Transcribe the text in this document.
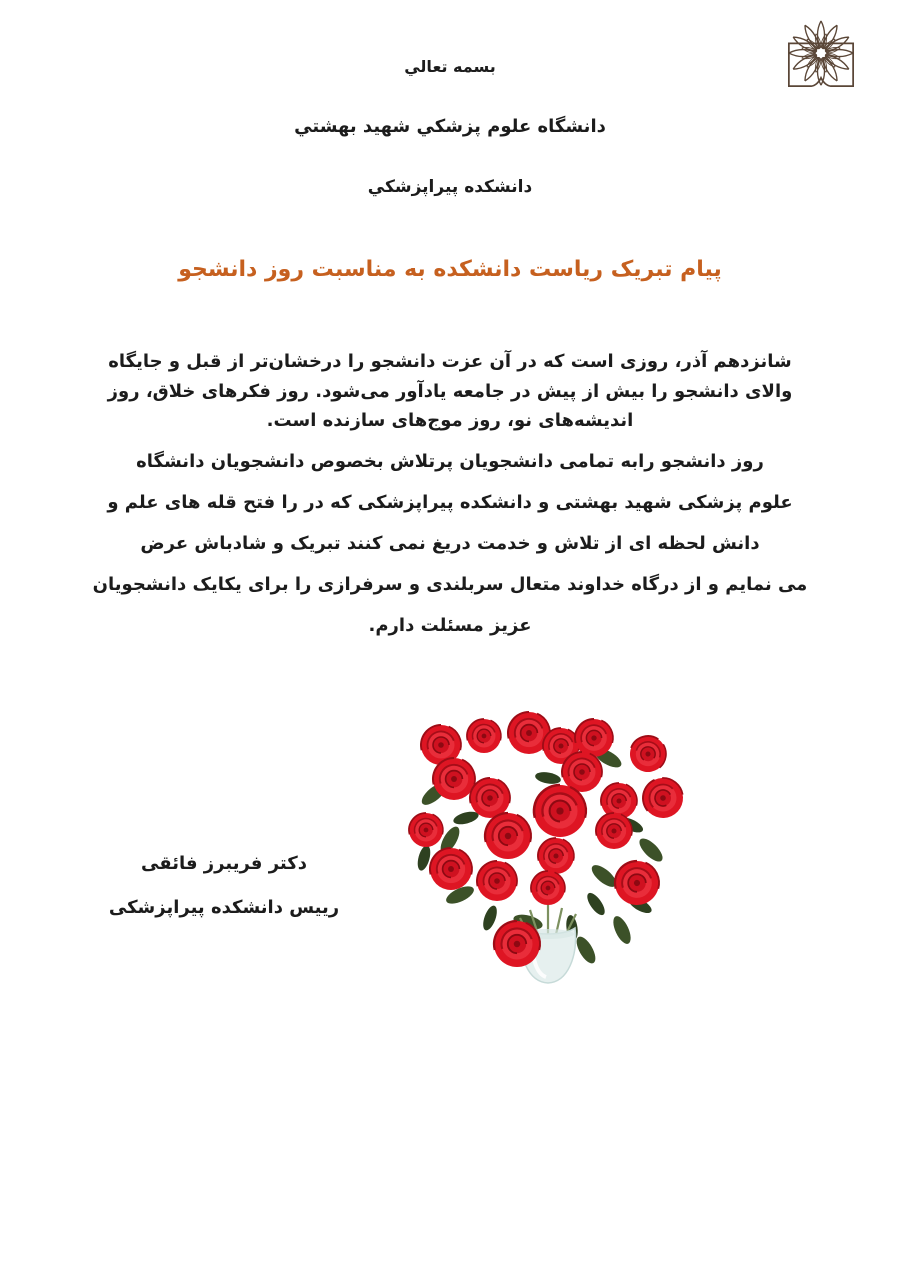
بسمه تعالي
دانشگاه علوم پزشكي شهيد بهشتي
دانشكده پيراپزشكي
پیام تبریک ریاست دانشکده به مناسبت روز دانشجو
شانزدهم آذر، روزی است که در آن عزت دانشجو را درخشان‌تر از قبل و جایگاه
والای دانشجو را بیش از پیش در جامعه یادآور می‌شود. روز فکرهای خلاق، روز
اندیشه‌های نو، روز موج‌های سازنده است.
روز دانشجو رابه تمامی دانشجویان پرتلاش بخصوص دانشجویان دانشگاه
علوم پزشکی شهید بهشتی و دانشکده پیراپزشکی که در را فتح قله های علم و
دانش لحظه ای از تلاش و خدمت دریغ نمی کنند تبریک و شادباش عرض
می نمایم و از درگاه خداوند متعال سربلندی و سرفرازی را برای یکایک دانشجویان
عزیز مسئلت دارم.
دکتر فریبرز فائقی
رییس دانشکده پیراپزشکی
